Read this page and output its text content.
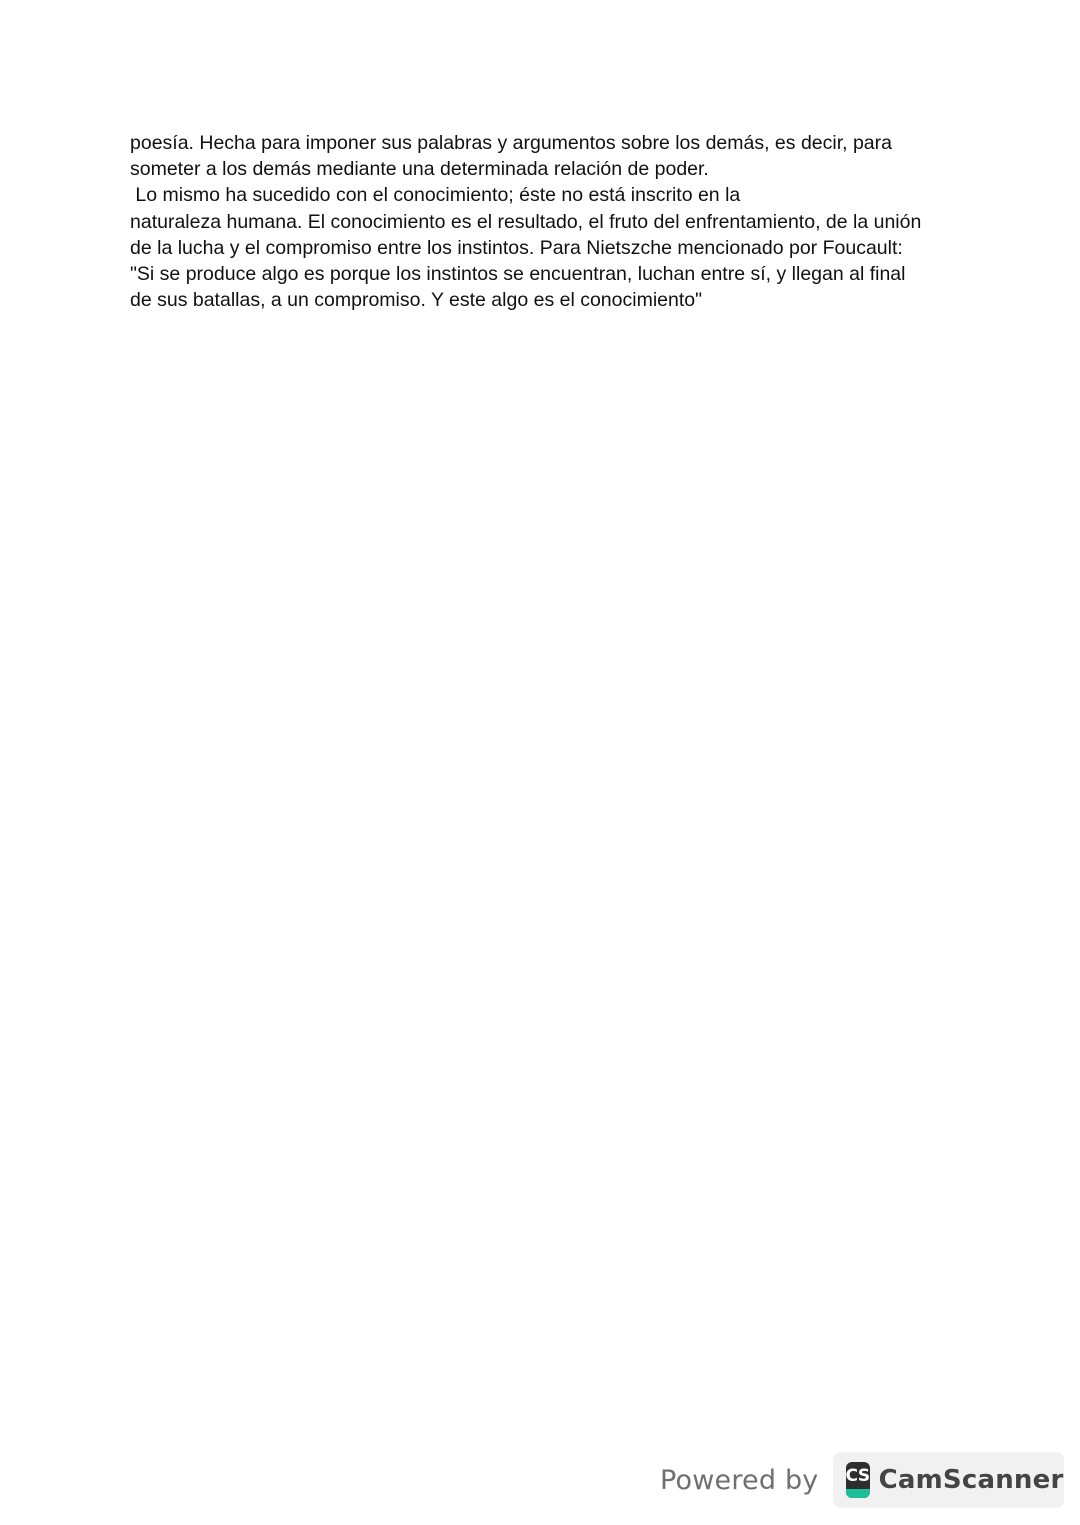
poesía. Hecha para imponer sus palabras y argumentos sobre los demás, es decir, para
someter a los demás mediante una determinada relación de poder.
Lo mismo ha sucedido con el conocimiento; éste no está inscrito en la
naturaleza humana. El conocimiento es el resultado, el fruto del enfrentamiento, de la unión
de la lucha y el compromiso entre los instintos. Para Nietszche mencionado por Foucault:
"Si se produce algo es porque los instintos se encuentran, luchan entre sí, y llegan al final
de sus batallas, a un compromiso. Y este algo es el conocimiento"
Powered by CS CamScanner
